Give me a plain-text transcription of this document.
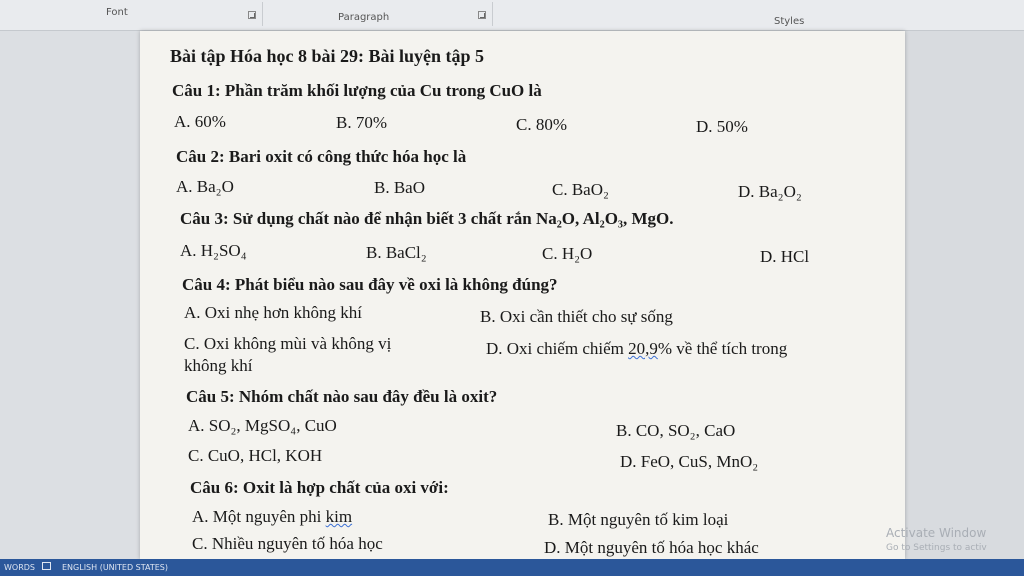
Font	Paragraph	Styles
Bài tập Hóa học 8 bài 29: Bài luyện tập 5
Câu 1: Phần trăm khối lượng của Cu trong CuO là
A. 60%	B. 70%	C. 80%	D. 50%
Câu 2: Bari oxit có công thức hóa học là
A. Ba₂O	B. BaO	C. BaO₂	D. Ba₂O₂
Câu 3: Sử dụng chất nào để nhận biết 3 chất rắn Na₂O, Al₂O₃, MgO.
A. H₂SO₄	B. BaCl₂	C. H₂O	D. HCl
Câu 4: Phát biểu nào sau đây về oxi là không đúng?
A. Oxi nhẹ hơn không khí	B. Oxi cần thiết cho sự sống
C. Oxi không mùi và không vị
không khí
D. Oxi chiếm chiếm 20,9% về thể tích trong
Câu 5: Nhóm chất nào sau đây đều là oxit?
A. SO₂, MgSO₄, CuO	B. CO, SO₂, CaO
C. CuO, HCl, KOH	D. FeO, CuS, MnO₂
Câu 6: Oxit là hợp chất của oxi với:
A. Một nguyên phi kim	B. Một nguyên tố kim loại
C. Nhiều nguyên tố hóa học	D. Một nguyên tố hóa học khác
Activate Window
Go to Settings to activ
WORDS	ENGLISH (UNITED STATES)
